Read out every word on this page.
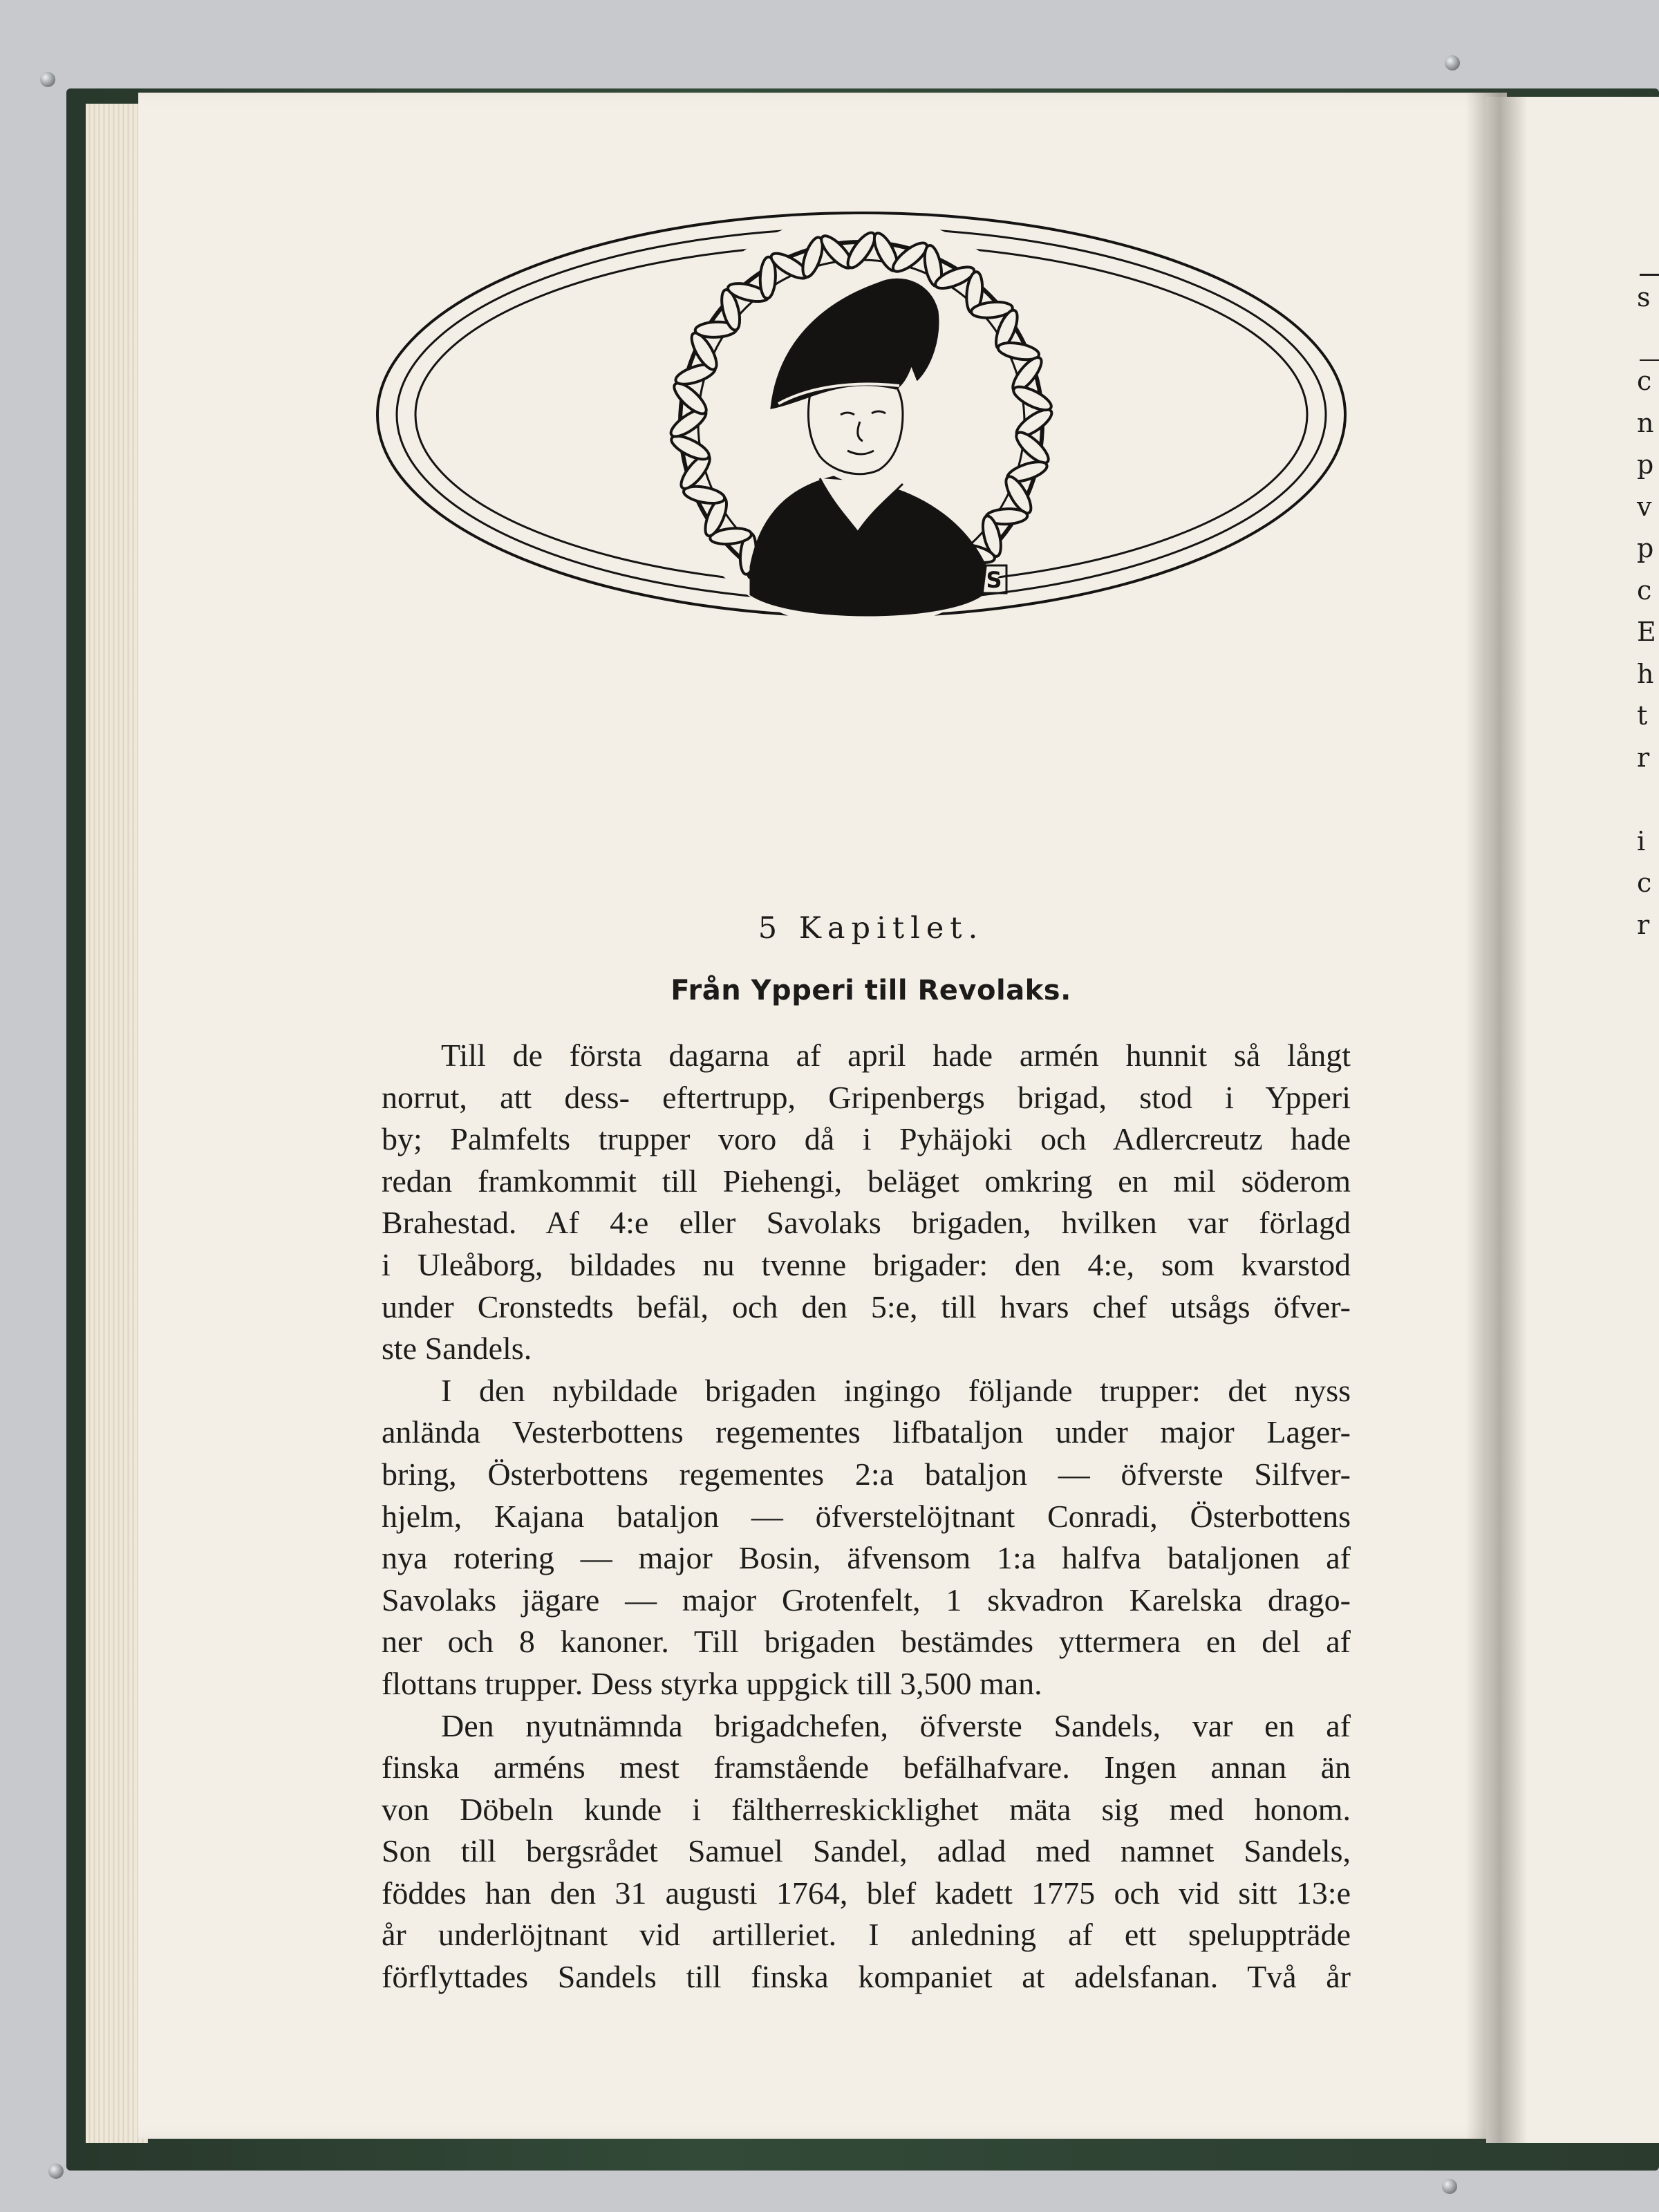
s
c
n
p
v
p
c
E
h
t
r
i
c
r
S
5 Kapitlet.
Från Ypperi till Revolaks.
Till de första dagarna af april hade armén hunnit så långt
norrut, att dess- eftertrupp, Gripenbergs brigad, stod i Ypperi
by; Palmfelts trupper voro då i Pyhäjoki och Adlercreutz hade
redan framkommit till Piehengi, beläget omkring en mil söderom
Brahestad. Af 4:e eller Savolaks brigaden, hvilken var förlagd
i Uleåborg, bildades nu tvenne brigader: den 4:e, som kvarstod
under Cronstedts befäl, och den 5:e, till hvars chef utsågs öfver-
ste Sandels.
I den nybildade brigaden ingingo följande trupper: det nyss
anlända Vesterbottens regementes lifbataljon under major Lager-
bring, Österbottens regementes 2:a bataljon — öfverste Silfver-
hjelm, Kajana bataljon — öfverstelöjtnant Conradi, Österbottens
nya rotering — major Bosin, äfvensom 1:a halfva bataljonen af
Savolaks jägare — major Grotenfelt, 1 skvadron Karelska drago-
ner och 8 kanoner. Till brigaden bestämdes yttermera en del af
flottans trupper. Dess styrka uppgick till 3,500 man.
Den nyutnämnda brigadchefen, öfverste Sandels, var en af
finska arméns mest framstående befälhafvare. Ingen annan än
von Döbeln kunde i fältherreskicklighet mäta sig med honom.
Son till bergsrådet Samuel Sandel, adlad med namnet Sandels,
föddes han den 31 augusti 1764, blef kadett 1775 och vid sitt 13:e
år underlöjtnant vid artilleriet. I anledning af ett speluppträde
förflyttades Sandels till finska kompaniet at adelsfanan. Två år
